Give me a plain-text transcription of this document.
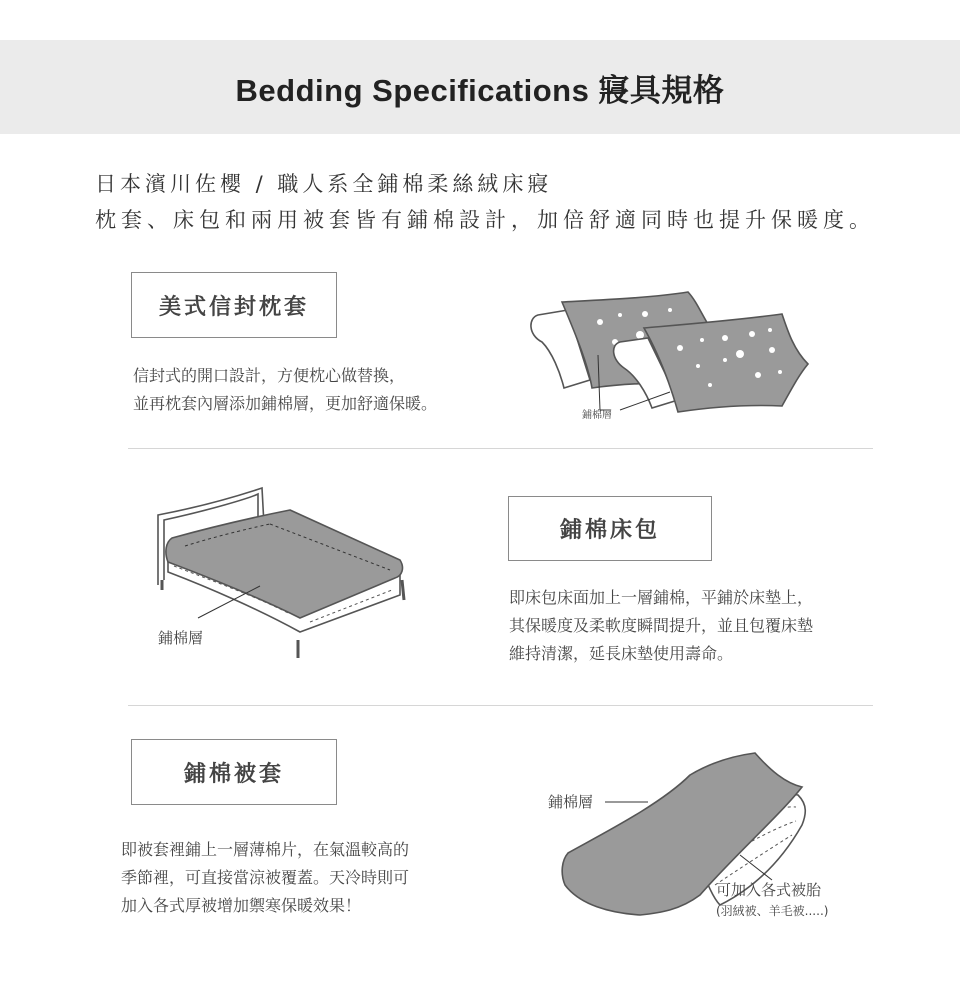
Bedding Specifications 寢具規格
日本濱川佐櫻 / 職人系全鋪棉柔絲絨床寢
枕套、床包和兩用被套皆有鋪棉設計，加倍舒適同時也提升保暖度。
美式信封枕套
信封式的開口設計，方便枕心做替換，
並再枕套內層添加鋪棉層，更加舒適保暖。
鋪棉層
鋪棉層
鋪棉床包
即床包床面加上一層鋪棉，平鋪於床墊上，
其保暖度及柔軟度瞬間提升，並且包覆床墊
維持清潔，延長床墊使用壽命。
鋪棉被套
即被套裡鋪上一層薄棉片，在氣溫較高的
季節裡，可直接當涼被覆蓋。天冷時則可
加入各式厚被增加禦寒保暖效果！
鋪棉層
可加入各式被胎
(羽絨被、羊毛被.....)
